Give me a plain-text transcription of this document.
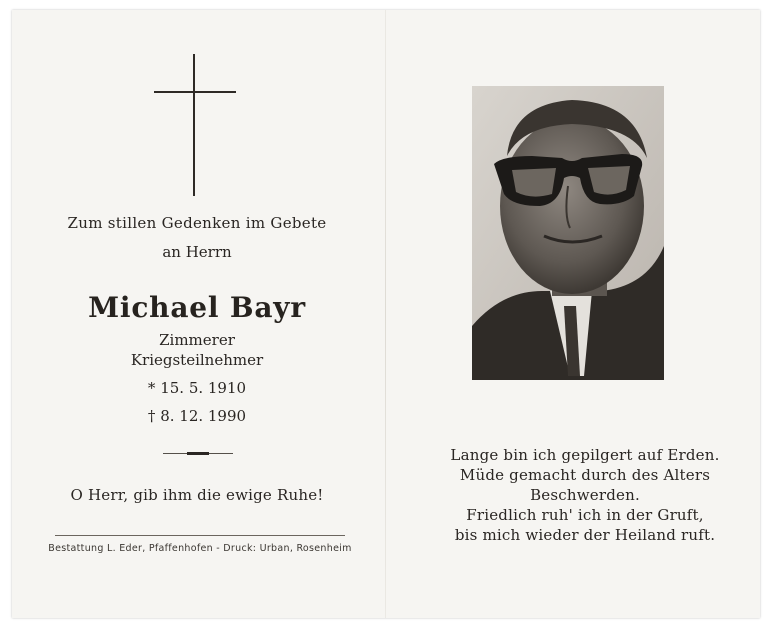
Zum stillen Gedenken im Gebete
an Herrn
Michael Bayr
Zimmerer
Kriegsteilnehmer
* 15. 5. 1910
† 8. 12. 1990
O Herr, gib ihm die ewige Ruhe!
Bestattung L. Eder, Pfaffenhofen - Druck: Urban, Rosenheim
Lange bin ich gepilgert auf Erden.
Müde gemacht durch des Alters
Beschwerden.
Friedlich ruh' ich in der Gruft,
bis mich wieder der Heiland ruft.
